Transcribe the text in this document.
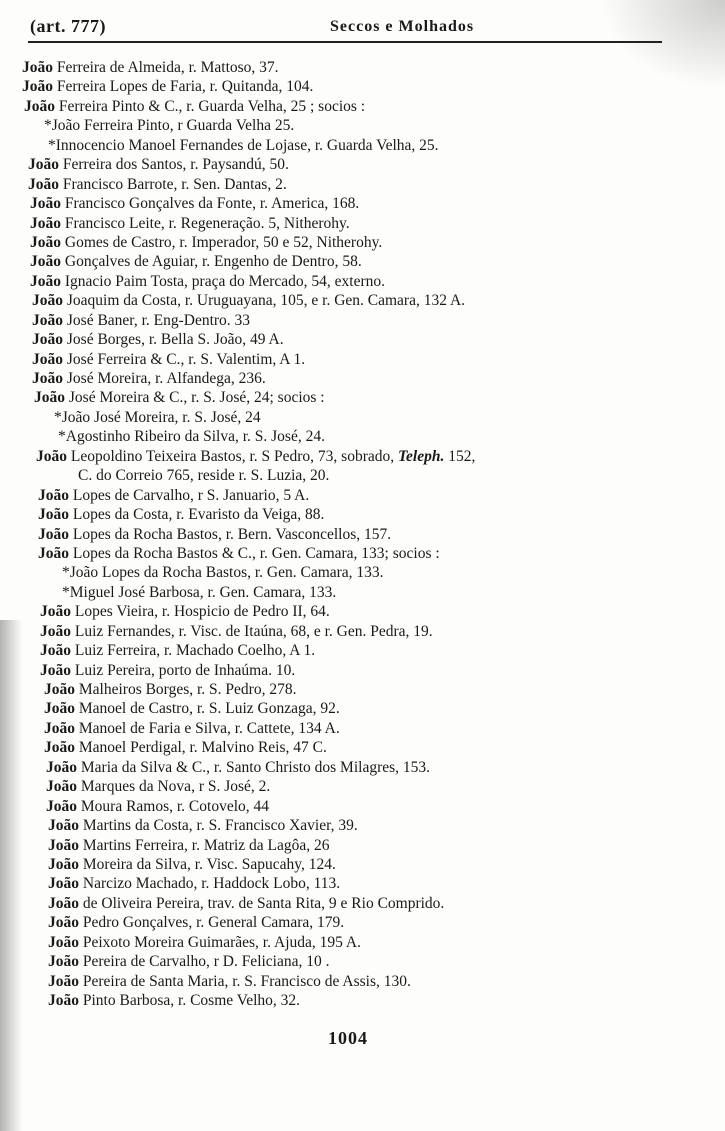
(art. 777)	Seccos e Molhados
João Ferreira de Almeida, r. Mattoso, 37.
João Ferreira Lopes de Faria, r. Quitanda, 104.
João Ferreira Pinto & C., r. Guarda Velha, 25 ; socios :
*João Ferreira Pinto, r Guarda Velha 25.
*Innocencio Manoel Fernandes de Lojase, r. Guarda Velha, 25.
João Ferreira dos Santos, r. Paysandú, 50.
João Francisco Barrote, r. Sen. Dantas, 2.
João Francisco Gonçalves da Fonte, r. America, 168.
João Francisco Leite, r. Regeneração. 5, Nitherohy.
João Gomes de Castro, r. Imperador, 50 e 52, Nitherohy.
João Gonçalves de Aguiar, r. Engenho de Dentro, 58.
João Ignacio Paim Tosta, praça do Mercado, 54, externo.
João Joaquim da Costa, r. Uruguayana, 105, e r. Gen. Camara, 132 A.
João José Baner, r. Eng-Dentro. 33
João José Borges, r. Bella S. João, 49 A.
João José Ferreira & C., r. S. Valentim, A 1.
João José Moreira, r. Alfandega, 236.
João José Moreira & C., r. S. José, 24; socios :
*João José Moreira, r. S. José, 24
*Agostinho Ribeiro da Silva, r. S. José, 24.
João Leopoldino Teixeira Bastos, r. S Pedro, 73, sobrado, Teleph. 152,
C. do Correio 765, reside r. S. Luzia, 20.
João Lopes de Carvalho, r S. Januario, 5 A.
João Lopes da Costa, r. Evaristo da Veiga, 88.
João Lopes da Rocha Bastos, r. Bern. Vasconcellos, 157.
João Lopes da Rocha Bastos & C., r. Gen. Camara, 133; socios :
*João Lopes da Rocha Bastos, r. Gen. Camara, 133.
*Miguel José Barbosa, r. Gen. Camara, 133.
João Lopes Vieira, r. Hospicio de Pedro II, 64.
João Luiz Fernandes, r. Visc. de Itaúna, 68, e r. Gen. Pedra, 19.
João Luiz Ferreira, r. Machado Coelho, A 1.
João Luiz Pereira, porto de Inhaúma. 10.
João Malheiros Borges, r. S. Pedro, 278.
João Manoel de Castro, r. S. Luiz Gonzaga, 92.
João Manoel de Faria e Silva, r. Cattete, 134 A.
João Manoel Perdigal, r. Malvino Reis, 47 C.
João Maria da Silva & C., r. Santo Christo dos Milagres, 153.
João Marques da Nova, r S. José, 2.
João Moura Ramos, r. Cotovelo, 44
João Martins da Costa, r. S. Francisco Xavier, 39.
João Martins Ferreira, r. Matriz da Lagôa, 26
João Moreira da Silva, r. Visc. Sapucahy, 124.
João Narcizo Machado, r. Haddock Lobo, 113.
João de Oliveira Pereira, trav. de Santa Rita, 9 e Rio Comprido.
João Pedro Gonçalves, r. General Camara, 179.
João Peixoto Moreira Guimarães, r. Ajuda, 195 A.
João Pereira de Carvalho, r D. Feliciana, 10 .
João Pereira de Santa Maria, r. S. Francisco de Assis, 130.
João Pinto Barbosa, r. Cosme Velho, 32.
1004
